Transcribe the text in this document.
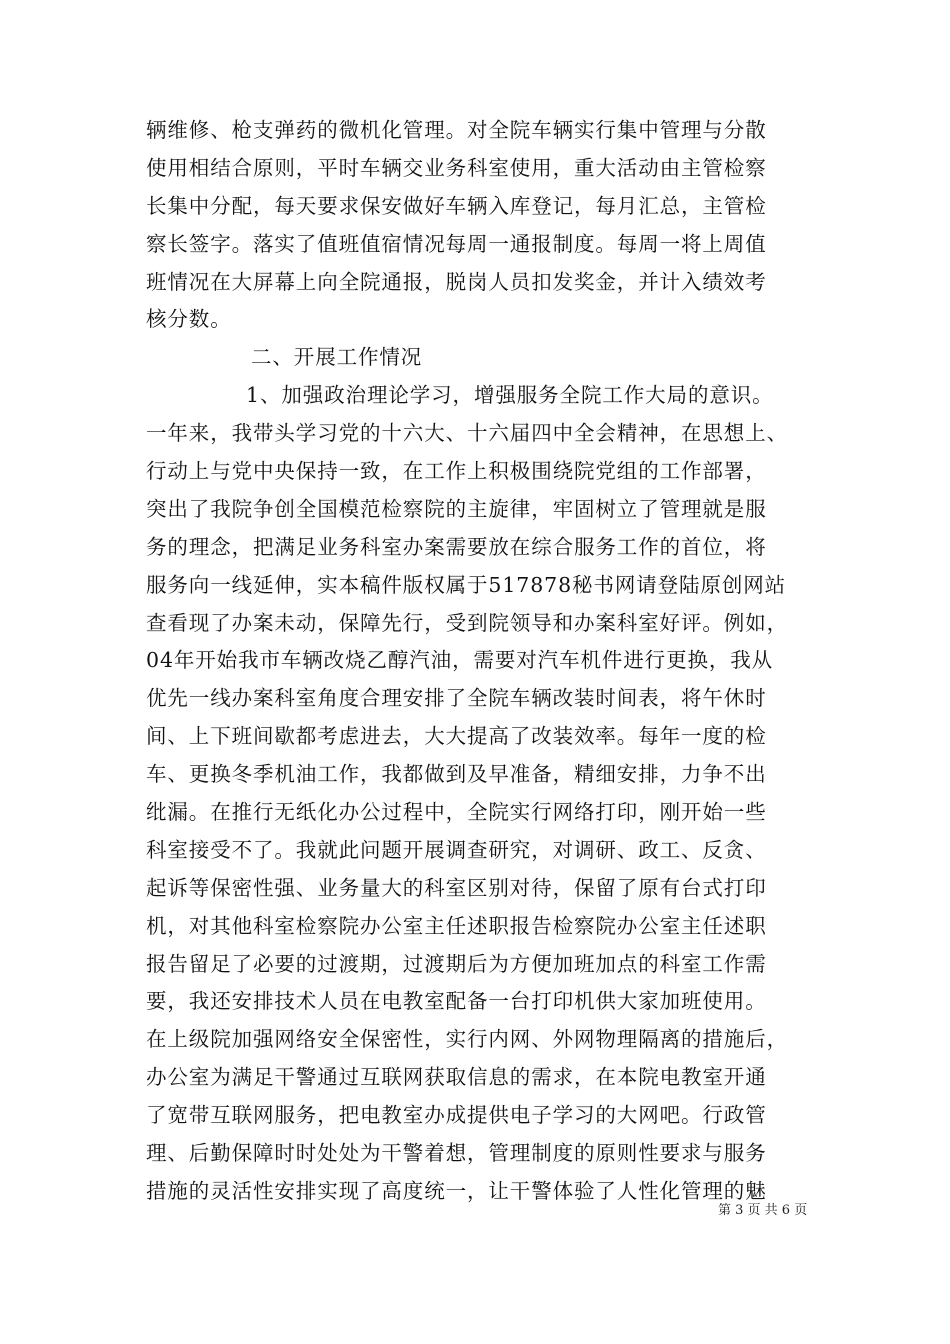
辆维修、枪支弹药的微机化管理。对全院车辆实行集中管理与分散
使用相结合原则，平时车辆交业务科室使用，重大活动由主管检察
长集中分配，每天要求保安做好车辆入库登记，每月汇总，主管检
察长签字。落实了值班值宿情况每周一通报制度。每周一将上周值
班情况在大屏幕上向全院通报，脱岗人员扣发奖金，并计入绩效考
核分数。
二、开展工作情况
1、加强政治理论学习，增强服务全院工作大局的意识。
一年来，我带头学习党的十六大、十六届四中全会精神，在思想上、
行动上与党中央保持一致，在工作上积极围绕院党组的工作部署，
突出了我院争创全国模范检察院的主旋律，牢固树立了管理就是服
务的理念，把满足业务科室办案需要放在综合服务工作的首位，将
服务向一线延伸，实本稿件版权属于517878秘书网请登陆原创网站
查看现了办案未动，保障先行，受到院领导和办案科室好评。例如，
04年开始我市车辆改烧乙醇汽油，需要对汽车机件进行更换，我从
优先一线办案科室角度合理安排了全院车辆改装时间表，将午休时
间、上下班间歇都考虑进去，大大提高了改装效率。每年一度的检
车、更换冬季机油工作，我都做到及早准备，精细安排，力争不出
纰漏。在推行无纸化办公过程中，全院实行网络打印，刚开始一些
科室接受不了。我就此问题开展调查研究，对调研、政工、反贪、
起诉等保密性强、业务量大的科室区别对待，保留了原有台式打印
机，对其他科室检察院办公室主任述职报告检察院办公室主任述职
报告留足了必要的过渡期，过渡期后为方便加班加点的科室工作需
要，我还安排技术人员在电教室配备一台打印机供大家加班使用。
在上级院加强网络安全保密性，实行内网、外网物理隔离的措施后，
办公室为满足干警通过互联网获取信息的需求，在本院电教室开通
了宽带互联网服务，把电教室办成提供电子学习的大网吧。行政管
理、后勤保障时时处处为干警着想，管理制度的原则性要求与服务
措施的灵活性安排实现了高度统一，让干警体验了人性化管理的魅
第 3 页 共 6 页
